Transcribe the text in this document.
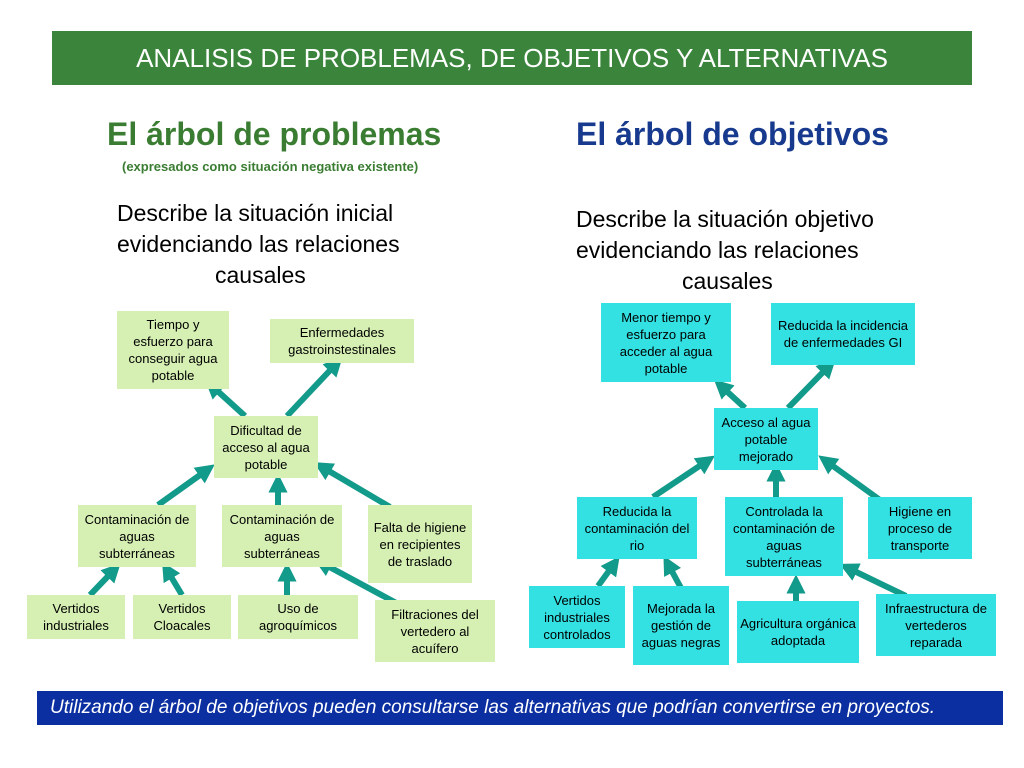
ANALISIS DE PROBLEMAS, DE OBJETIVOS Y ALTERNATIVAS
El árbol de problemas
(expresados como situación negativa existente)
El árbol de objetivos
Describe la situación inicial
evidenciando las relaciones
causales
Describe la situación objetivo
evidenciando las relaciones
causales
Tiempo y esfuerzo para conseguir agua potable
Enfermedades gastroinstestinales
Dificultad de acceso al agua potable
Contaminación de aguas subterráneas
Contaminación de aguas subterráneas
Falta de higiene en recipientes de traslado
Vertidos industriales
Vertidos Cloacales
Uso de agroquímicos
Filtraciones del vertedero al acuífero
Menor tiempo y esfuerzo para acceder al agua potable
Reducida la incidencia de enfermedades GI
Acceso al agua potable mejorado
Reducida la contaminación del rio
Controlada la contaminación de aguas subterráneas
Higiene en proceso de transporte
Vertidos industriales controlados
Mejorada la gestión de aguas negras
Agricultura orgánica adoptada
Infraestructura de vertederos reparada
Utilizando el árbol de objetivos pueden consultarse las alternativas que podrían convertirse en proyectos.
